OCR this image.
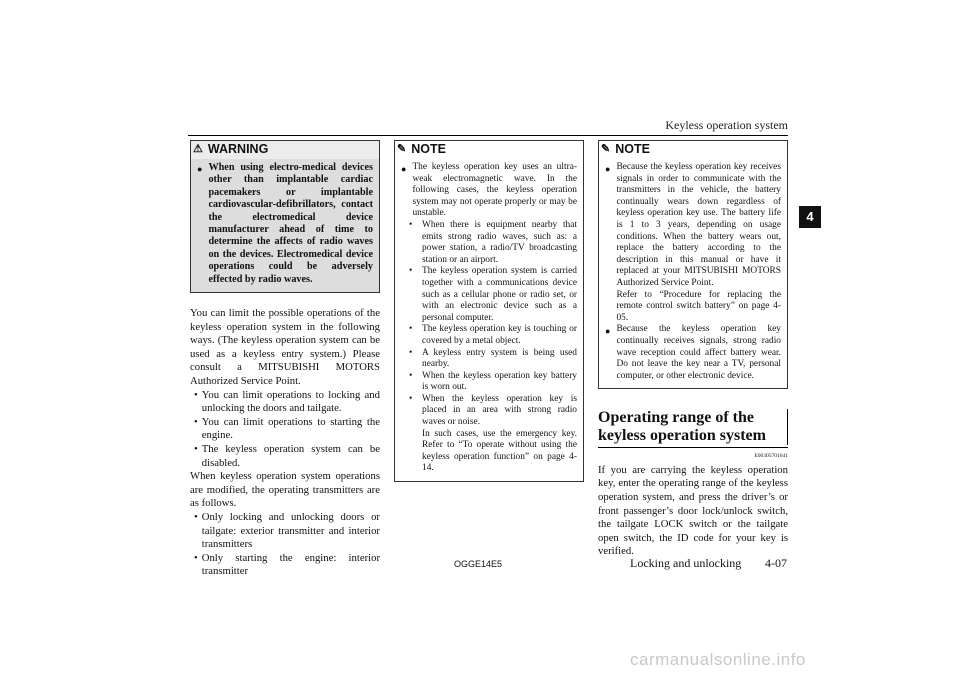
Keyless operation system
4
⚠ WARNING
● When using electro-medical devices other than implantable cardiac pacemakers or implantable cardiovascular-defibrillators, contact the electromedical device manufacturer ahead of time to determine the affects of radio waves on the devices. Electromedical device operations could be adversely effected by radio waves.

You can limit the possible operations of the keyless operation system in the following ways. (The keyless operation system can be used as a keyless entry system.) Please consult a MITSUBISHI MOTORS Authorized Service Point.

• You can limit operations to locking and unlocking the doors and tailgate.
• You can limit operations to starting the engine.
• The keyless operation system can be disabled.

When keyless operation system operations are modified, the operating transmitters are as follows.

• Only locking and unlocking doors or tailgate: exterior transmitter and interior transmitters
• Only starting the engine: interior transmitter
✎ NOTE
● The keyless operation key uses an ultra-weak electromagnetic wave. In the following cases, the keyless operation system may not operate properly or may be unstable.
•	When there is equipment nearby that emits strong radio waves, such as: a power station, a radio/TV broadcasting station or an airport.
•	The keyless operation system is carried together with a communications device such as a cellular phone or radio set, or with an electronic device such as a personal computer.
•	The keyless operation key is touching or covered by a metal object.
•	A keyless entry system is being used nearby.
•	When the keyless operation key battery is worn out.
•	When the keyless operation key is placed in an area with strong radio waves or noise.
In such cases, use the emergency key. Refer to “To operate without using the keyless operation function” on page 4-14.
✎ NOTE
● Because the keyless operation key receives signals in order to communicate with the transmitters in the vehicle, the battery continually wears down regardless of keyless operation key use. The battery life is 1 to 3 years, depending on usage conditions. When the battery wears out, replace the battery according to the description in this manual or have it replaced at your MITSUBISHI MOTORS Authorized Service Point.
Refer to “Procedure for replacing the remote control switch battery” on page 4-05.
● Because the keyless operation key continually receives signals, strong radio wave reception could affect battery wear. Do not leave the key near a TV, personal computer, or other electronic device.
Operating range of the keyless operation system
E00305701641

If you are carrying the keyless operation key, enter the operating range of the keyless operation system, and press the driver’s or front passenger’s door lock/unlock switch, the tailgate LOCK switch or the tailgate open switch, the ID code for your key is verified.

OGGE14E5	Locking and unlocking 4-07
carmanualsonline.info
